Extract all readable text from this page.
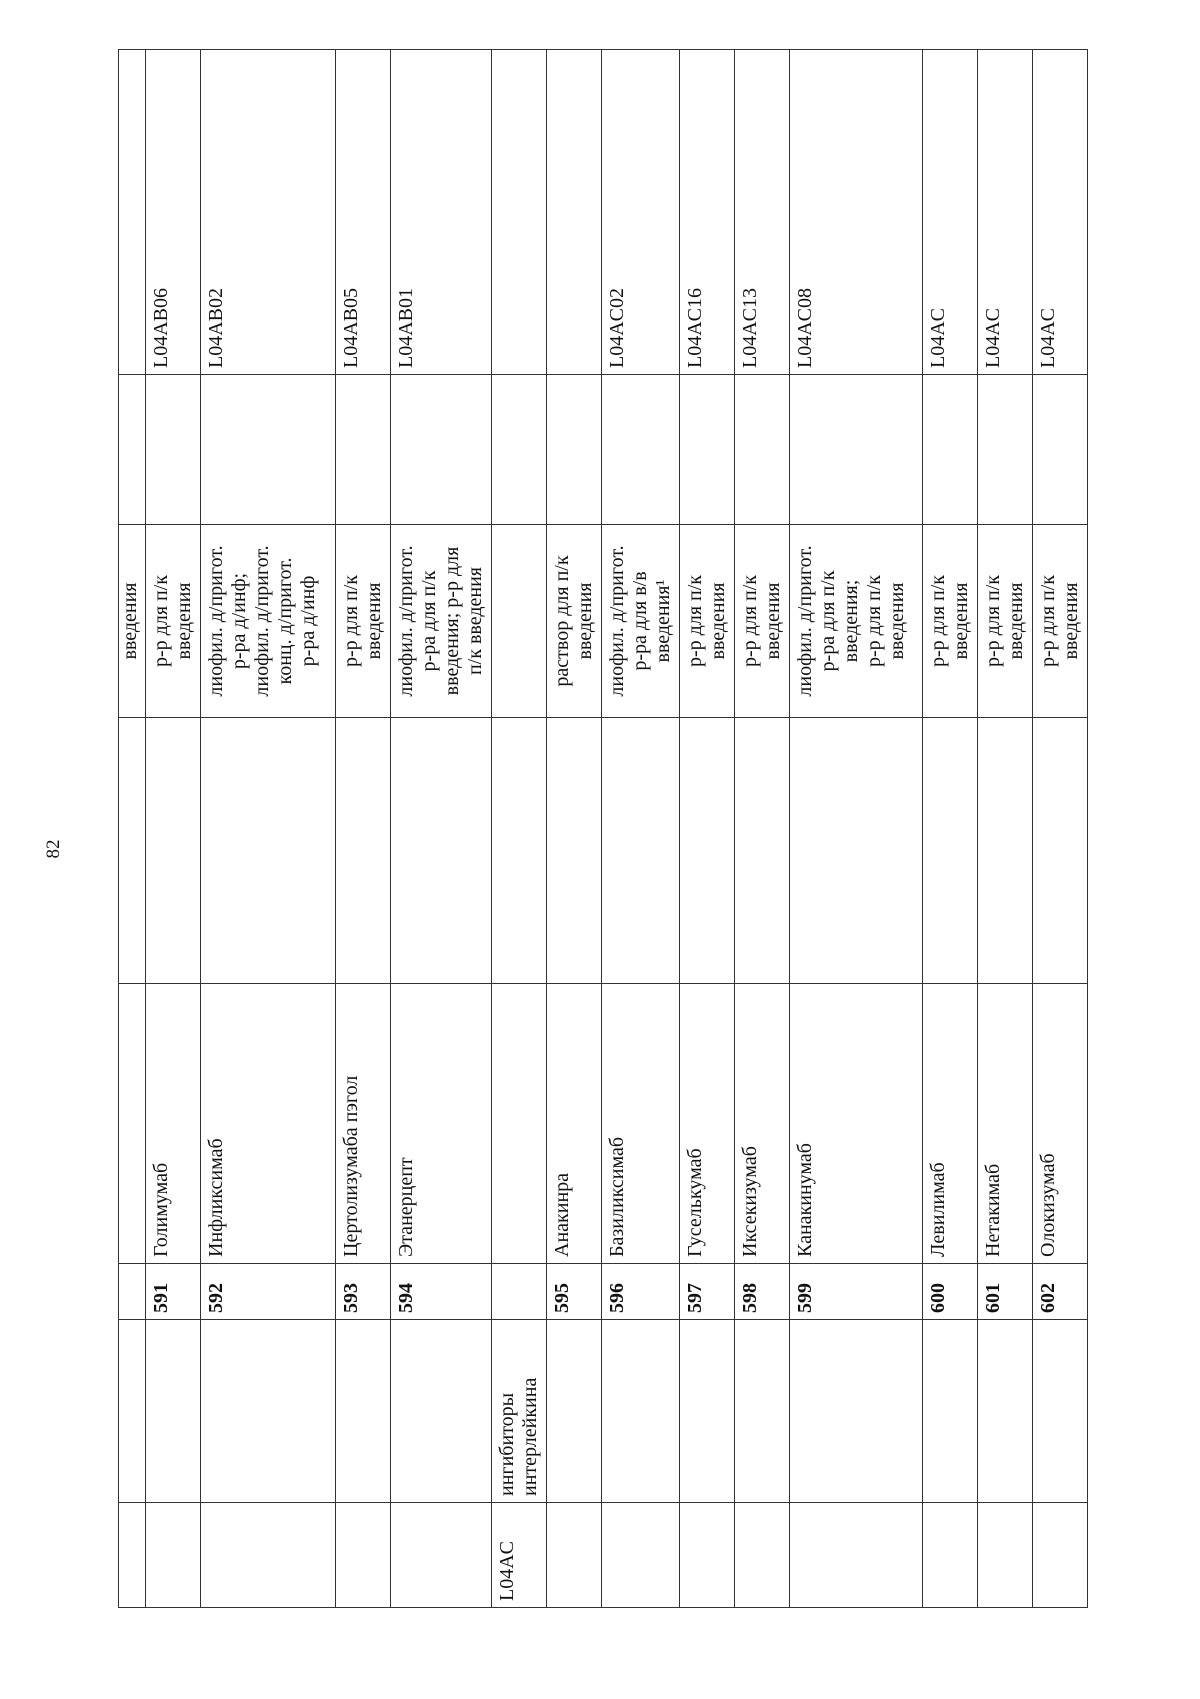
82

					введения		

		591	Голимумаб		р-р для п/к введения		L04AB06
		592	Инфликсимаб		лиофил. д/пригот. р-ра д/инф; лиофил. д/пригот. конц. д/пригот. р-ра д/инф		L04AB02
		593	Цертолизумаба пэгол		р-р для п/к введения		L04AB05
		594	Этанерцепт		лиофил. д/пригот. р-ра для п/к введения; р-р для п/к введения		L04AB01
L04AC	ингибиторы интерлейкина						
		595	Анакинра		раствор для п/к введения		

		596	Базиликсимаб		лиофил. д/пригот. р-ра для в/в введения¹		L04AC02
		597	Гуселькумаб		р-р для п/к введения		L04AC16
		598	Иксекизумаб		р-р для п/к введения		L04AC13
		599	Канакинумаб		лиофил. д/пригот. р-ра для п/к введения; р-р для п/к введения		L04AC08
		600	Левилимаб		р-р для п/к введения		L04AC
		601	Нетакимаб		р-р для п/к введения		L04AC
		602	Олокизумаб		р-р для п/к введения		L04AC
